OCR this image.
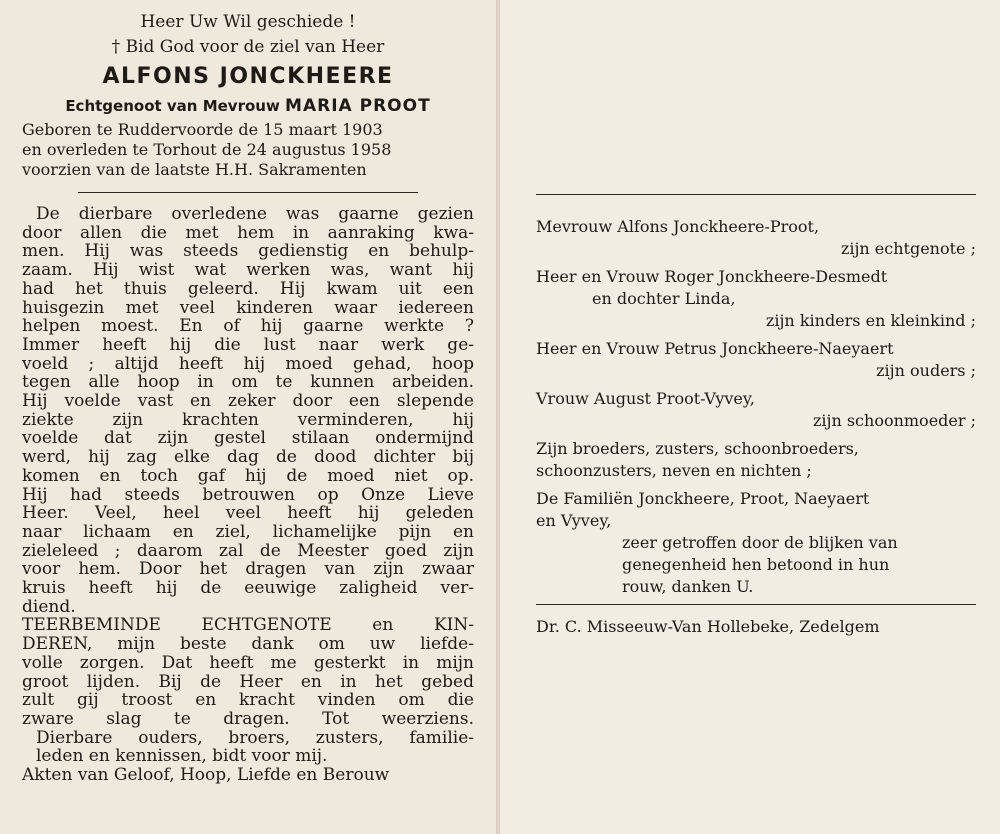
Heer Uw Wil geschiede !
† Bid God voor de ziel van Heer
ALFONS JONCKHEERE
Echtgenoot van Mevrouw MARIA PROOT
Geboren te Ruddervoorde de 15 maart 1903
en overleden te Torhout de 24 augustus 1958
voorzien van de laatste H.H. Sakramenten
De dierbare overledene was gaarne gezien
door allen die met hem in aanraking kwa-
men. Hij was steeds gedienstig en behulp-
zaam. Hij wist wat werken was, want hij
had het thuis geleerd. Hij kwam uit een
huisgezin met veel kinderen waar iedereen
helpen moest. En of hij gaarne werkte ?
Immer heeft hij die lust naar werk ge-
voeld ; altijd heeft hij moed gehad, hoop
tegen alle hoop in om te kunnen arbeiden.
Hij voelde vast en zeker door een slepende
ziekte zijn krachten verminderen, hij
voelde dat zijn gestel stilaan ondermijnd
werd, hij zag elke dag de dood dichter bij
komen en toch gaf hij de moed niet op.
Hij had steeds betrouwen op Onze Lieve
Heer. Veel, heel veel heeft hij geleden
naar lichaam en ziel, lichamelijke pijn en
zieleleed ; daarom zal de Meester goed zijn
voor hem. Door het dragen van zijn zwaar
kruis heeft hij de eeuwige zaligheid ver-
diend.
TEERBEMINDE ECHTGENOTE en KIN-
DEREN, mijn beste dank om uw liefde-
volle zorgen. Dat heeft me gesterkt in mijn
groot lijden. Bij de Heer en in het gebed
zult gij troost en kracht vinden om die
zware slag te dragen. Tot weerziens.
Dierbare ouders, broers, zusters, familie-
leden en kennissen, bidt voor mij.
Akten van Geloof, Hoop, Liefde en Berouw
Mevrouw Alfons Jonckheere-Proot,
zijn echtgenote ;
Heer en Vrouw Roger Jonckheere-Desmedt
en dochter Linda,
zijn kinders en kleinkind ;
Heer en Vrouw Petrus Jonckheere-Naeyaert
zijn ouders ;
Vrouw August Proot-Vyvey,
zijn schoonmoeder ;
Zijn broeders, zusters, schoonbroeders,
schoonzusters, neven en nichten ;
De Familiën Jonckheere, Proot, Naeyaert
en Vyvey,
zeer getroffen door de blijken van
genegenheid hen betoond in hun
rouw, danken U.
Dr. C. Misseeuw-Van Hollebeke, Zedelgem
